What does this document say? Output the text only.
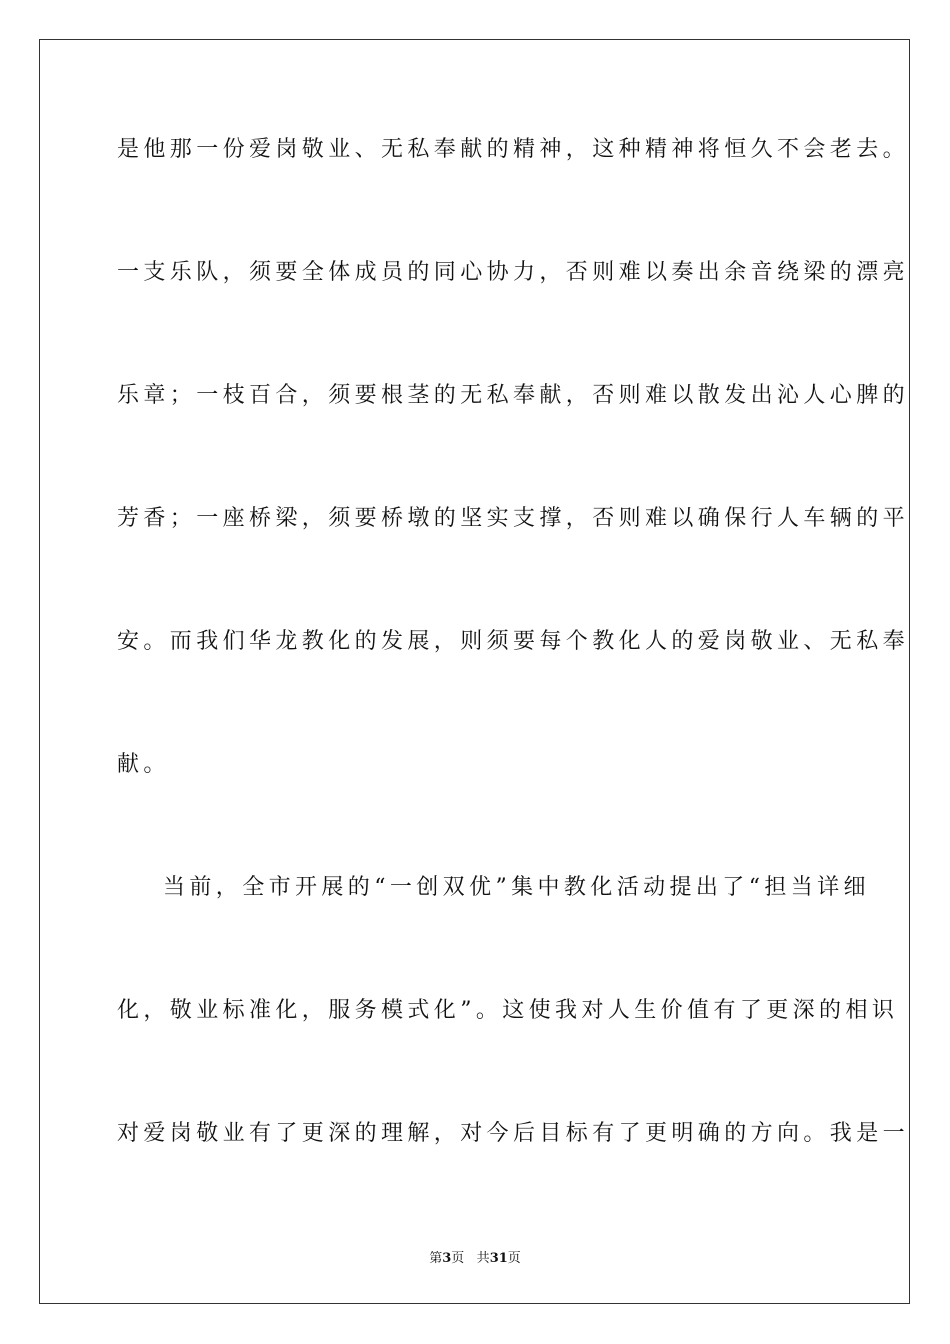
是他那一份爱岗敬业、无私奉献的精神，这种精神将恒久不会老去。
一支乐队，须要全体成员的同心协力，否则难以奏出余音绕梁的漂亮
乐章；一枝百合，须要根茎的无私奉献，否则难以散发出沁人心脾的
芳香；一座桥梁，须要桥墩的坚实支撑，否则难以确保行人车辆的平
安。而我们华龙教化的发展，则须要每个教化人的爱岗敬业、无私奉
献。
当前，全市开展的“一创双优”集中教化活动提出了“担当详细
化，敬业标准化，服务模式化”。这使我对人生价值有了更深的相识
对爱岗敬业有了更深的理解，对今后目标有了更明确的方向。我是一
第3页 共31页
